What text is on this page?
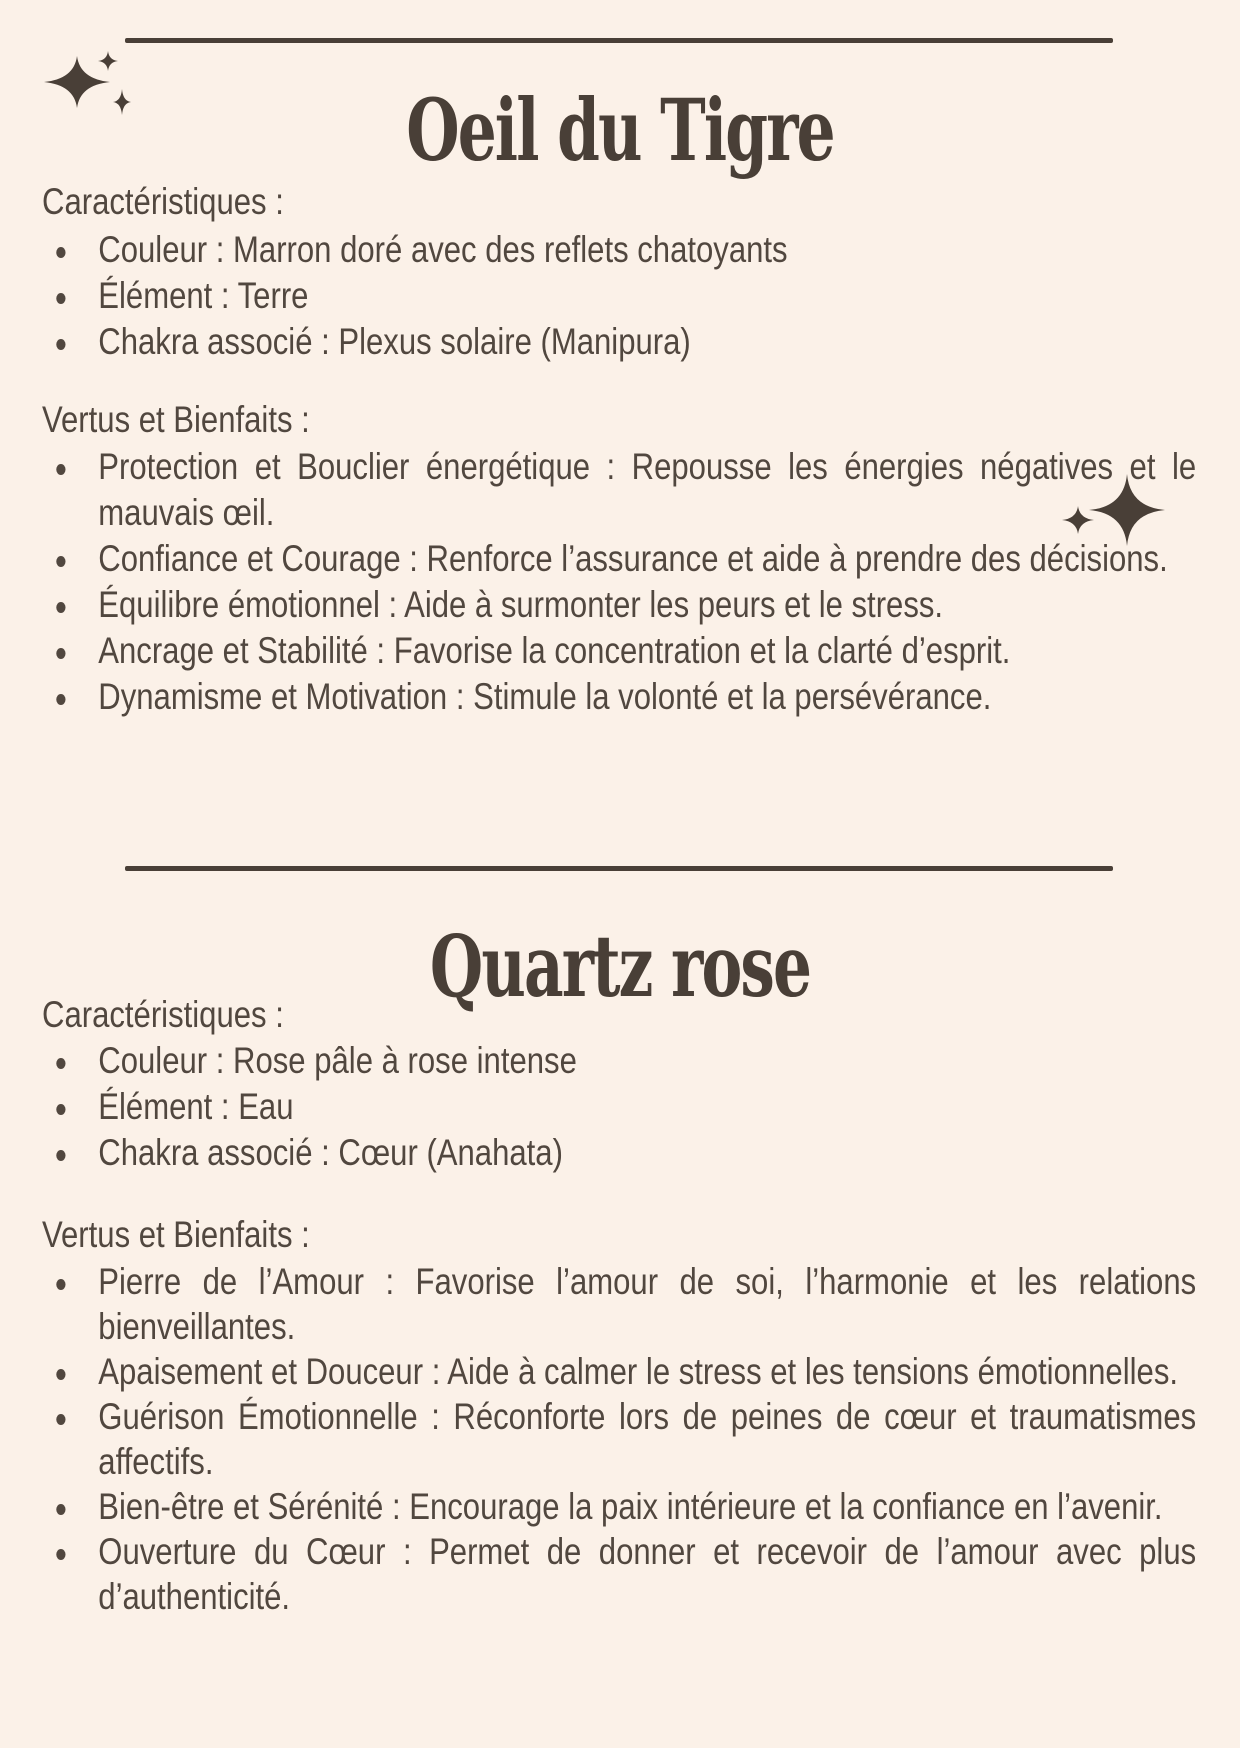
Oeil du Tigre
Caractéristiques :
Couleur : Marron doré avec des reflets chatoyants
Élément : Terre
Chakra associé : Plexus solaire (Manipura)
Vertus et Bienfaits :
Protection et Bouclier énergétique : Repousse les énergies négatives et le mauvais œil.
Confiance et Courage : Renforce l’assurance et aide à prendre des décisions.
Équilibre émotionnel : Aide à surmonter les peurs et le stress.
Ancrage et Stabilité : Favorise la concentration et la clarté d’esprit.
Dynamisme et Motivation : Stimule la volonté et la persévérance.
Quartz rose
Caractéristiques :
Couleur : Rose pâle à rose intense
Élément : Eau
Chakra associé : Cœur (Anahata)
Vertus et Bienfaits :
Pierre de l’Amour : Favorise l’amour de soi, l’harmonie et les relations bienveillantes.
Apaisement et Douceur : Aide à calmer le stress et les tensions émotionnelles.
Guérison Émotionnelle : Réconforte lors de peines de cœur et traumatismes affectifs.
Bien-être et Sérénité : Encourage la paix intérieure et la confiance en l’avenir.
Ouverture du Cœur : Permet de donner et recevoir de l’amour avec plus d’authenticité.
